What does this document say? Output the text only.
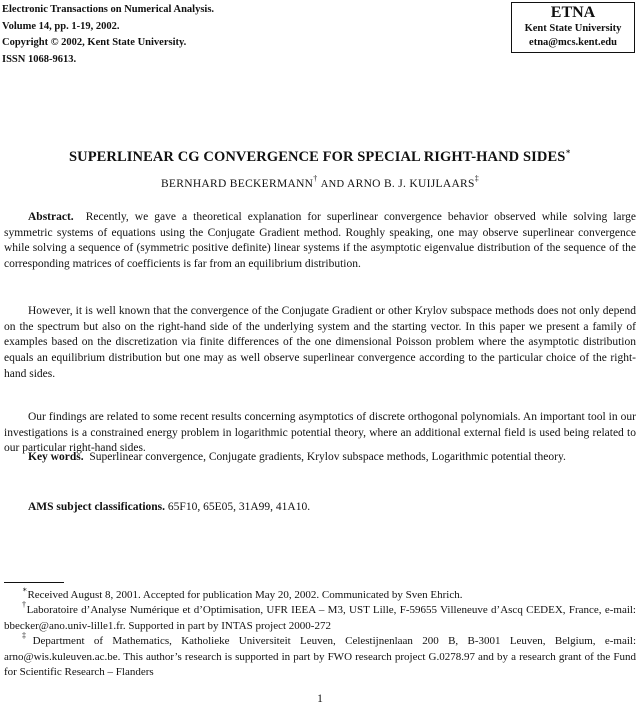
Electronic Transactions on Numerical Analysis.
Volume 14, pp. 1-19, 2002.
Copyright © 2002, Kent State University.
ISSN 1068-9613.
ETNA
Kent State University
etna@mcs.kent.edu
SUPERLINEAR CG CONVERGENCE FOR SPECIAL RIGHT-HAND SIDES∗
BERNHARD BECKERMANN† AND ARNO B. J. KUIJLAARS‡

Abstract. Recently, we gave a theoretical explanation for superlinear convergence behavior observed while solving large symmetric systems of equations using the Conjugate Gradient method. Roughly speaking, one may observe superlinear convergence while solving a sequence of (symmetric positive definite) linear systems if the asymptotic eigenvalue distribution of the sequence of the corresponding matrices of coefficients is far from an equilibrium distribution.

However, it is well known that the convergence of the Conjugate Gradient or other Krylov subspace methods does not only depend on the spectrum but also on the right-hand side of the underlying system and the starting vector. In this paper we present a family of examples based on the discretization via finite differences of the one dimensional Poisson problem where the asymptotic distribution equals an equilibrium distribution but one may as well observe superlinear convergence according to the particular choice of the right-hand sides.

Our findings are related to some recent results concerning asymptotics of discrete orthogonal polynomials. An important tool in our investigations is a constrained energy problem in logarithmic potential theory, where an additional external field is used being related to our particular right-hand sides.

Key words. Superlinear convergence, Conjugate gradients, Krylov subspace methods, Logarithmic potential theory.

AMS subject classifications. 65F10, 65E05, 31A99, 41A10.

∗Received August 8, 2001. Accepted for publication May 20, 2002. Communicated by Sven Ehrich.

†Laboratoire d’Analyse Numérique et d’Optimisation, UFR IEEA – M3, UST Lille, F-59655 Villeneuve d’Ascq CEDEX, France, e-mail: bbecker@ano.univ-lille1.fr. Supported in part by INTAS project 2000-272

‡Department of Mathematics, Katholieke Universiteit Leuven, Celestijnenlaan 200 B, B-3001 Leuven, Belgium, e-mail: arno@wis.kuleuven.ac.be. This author’s research is supported in part by FWO research project G.0278.97 and by a research grant of the Fund for Scientific Research – Flanders

1
